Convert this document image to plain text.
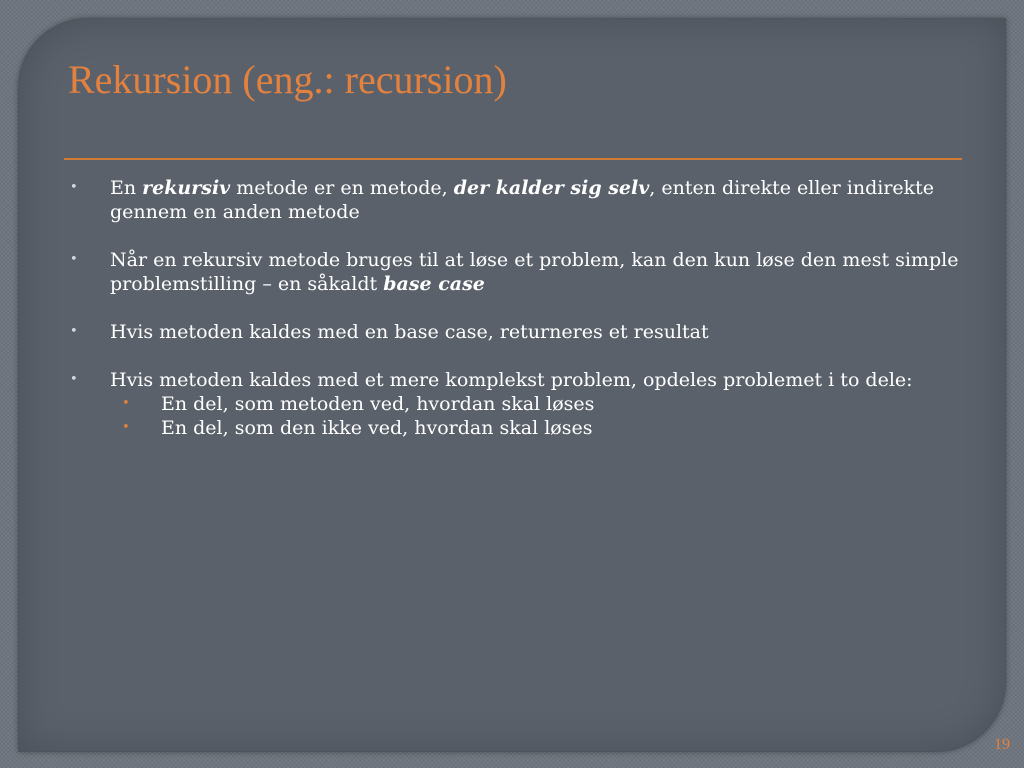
Rekursion (eng.: recursion)
• En rekursiv metode er en metode, der kalder sig selv, enten direkte eller indirekte gennem en anden metode
• Når en rekursiv metode bruges til at løse et problem, kan den kun løse den mest simple problemstilling – en såkaldt base case
• Hvis metoden kaldes med en base case, returneres et resultat
• Hvis metoden kaldes med et mere komplekst problem, opdeles problemet i to dele:
• En del, som metoden ved, hvordan skal løses
• En del, som den ikke ved, hvordan skal løses
19
